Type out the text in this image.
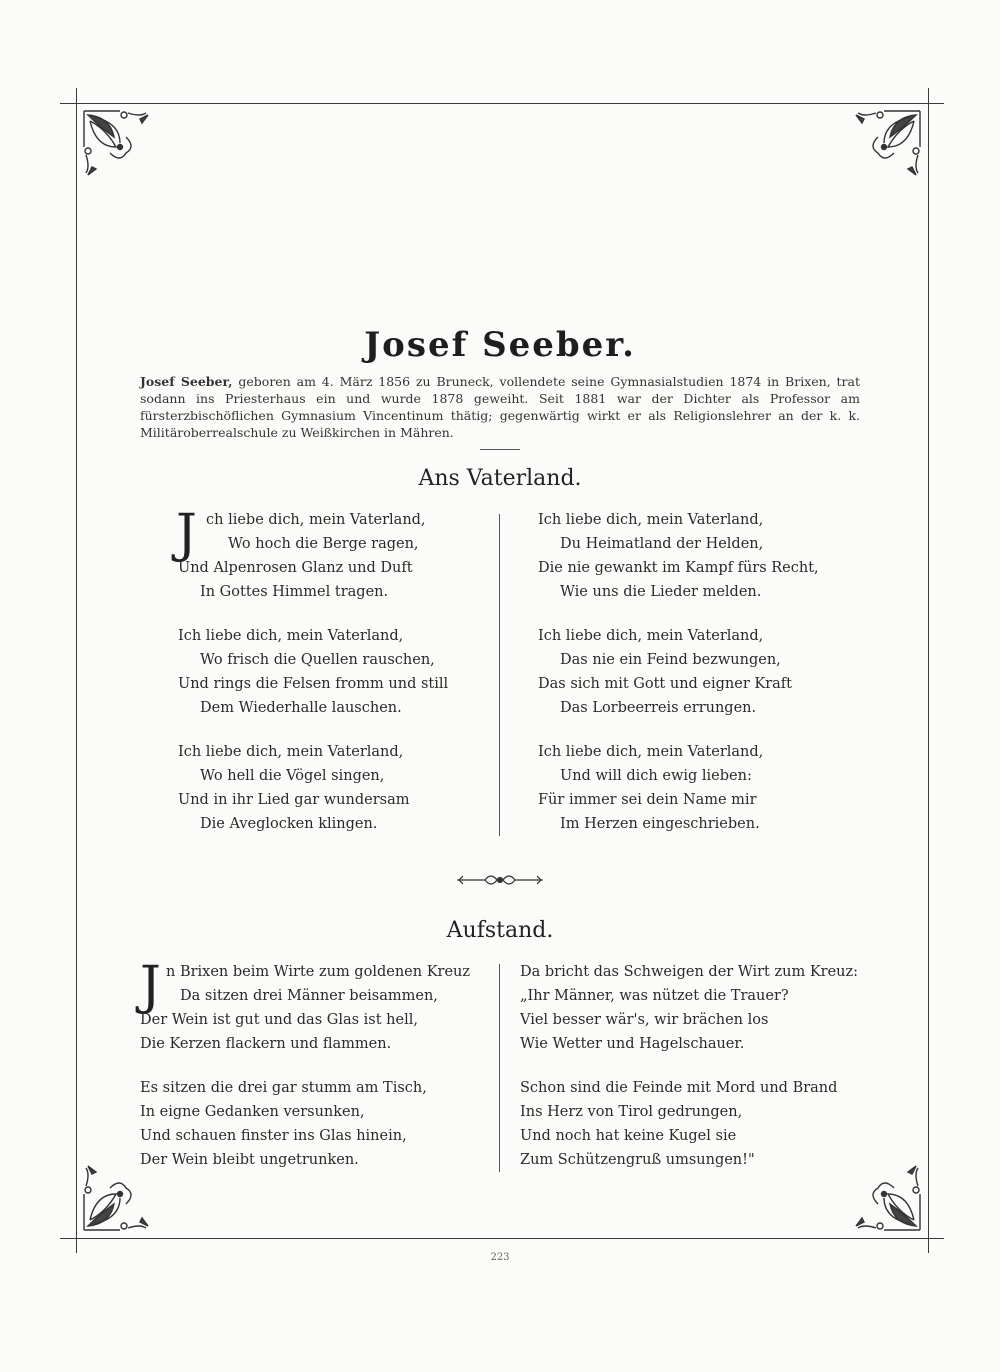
Josef Seeber.
Josef Seeber, geboren am 4. März 1856 zu Bruneck, vollendete seine Gymnasialstudien 1874 in Brixen, trat sodann ins Priesterhaus ein und wurde 1878 geweiht. Seit 1881 war der Dichter als Professor am fürsterzbischöflichen Gymnasium Vincentinum thätig; gegenwärtig wirkt er als Religionslehrer an der k. k. Militäroberrealschule zu Weißkirchen in Mähren.
Ans Vaterland.
J ch liebe dich, mein Vaterland,
Wo hoch die Berge ragen,
Und Alpenrosen Glanz und Duft
In Gottes Himmel tragen.
Ich liebe dich, mein Vaterland,
Wo frisch die Quellen rauschen,
Und rings die Felsen fromm und still
Dem Wiederhalle lauschen.
Ich liebe dich, mein Vaterland,
Wo hell die Vögel singen,
Und in ihr Lied gar wundersam
Die Aveglocken klingen.
Ich liebe dich, mein Vaterland,
Du Heimatland der Helden,
Die nie gewankt im Kampf fürs Recht,
Wie uns die Lieder melden.
Ich liebe dich, mein Vaterland,
Das nie ein Feind bezwungen,
Das sich mit Gott und eigner Kraft
Das Lorbeerreis errungen.
Ich liebe dich, mein Vaterland,
Und will dich ewig lieben:
Für immer sei dein Name mir
Im Herzen eingeschrieben.
Aufstand.
J n Brixen beim Wirte zum goldenen Kreuz
Da sitzen drei Männer beisammen,
Der Wein ist gut und das Glas ist hell,
Die Kerzen flackern und flammen.
Es sitzen die drei gar stumm am Tisch,
In eigne Gedanken versunken,
Und schauen finster ins Glas hinein,
Der Wein bleibt ungetrunken.
Da bricht das Schweigen der Wirt zum Kreuz:
„Ihr Männer, was nützet die Trauer?
Viel besser wär's, wir brächen los
Wie Wetter und Hagelschauer.
Schon sind die Feinde mit Mord und Brand
Ins Herz von Tirol gedrungen,
Und noch hat keine Kugel sie
Zum Schützengruß umsungen!"
223
